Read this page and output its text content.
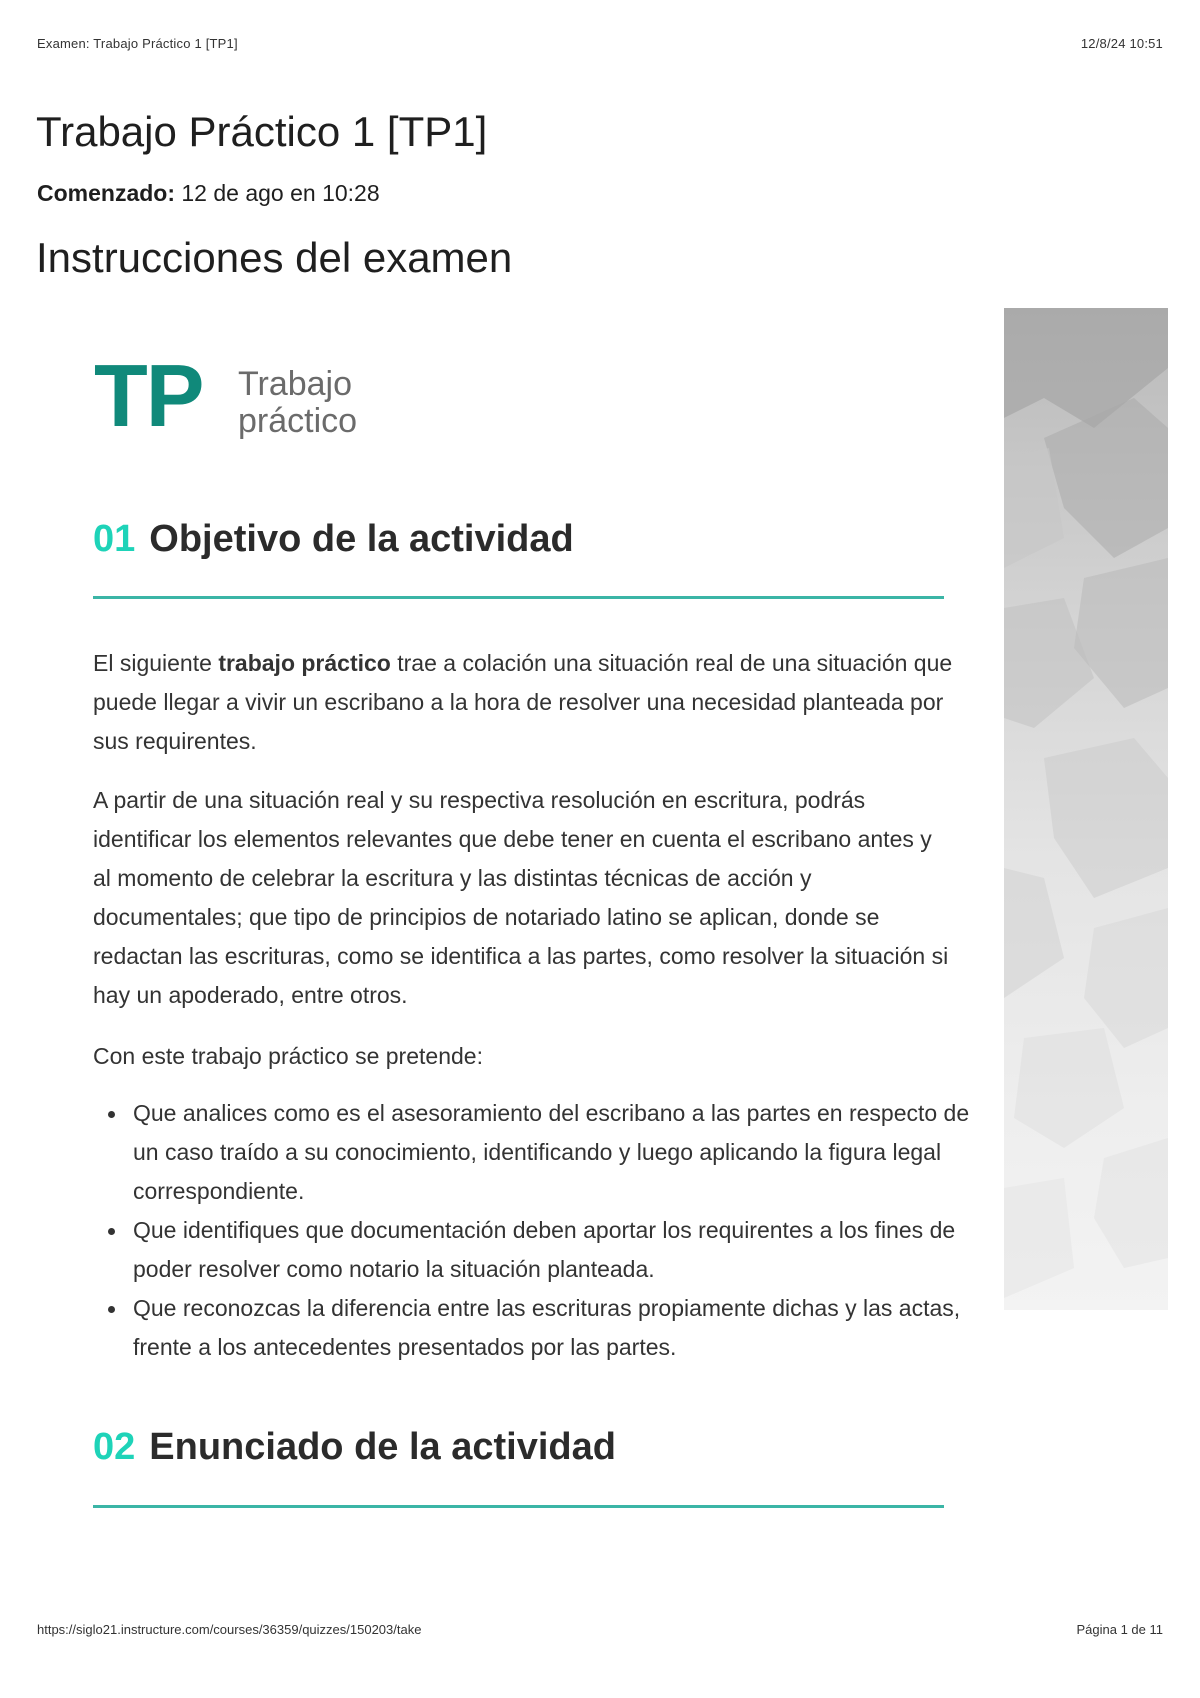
Examen: Trabajo Práctico 1 [TP1]	12/8/24 10:51
Trabajo Práctico 1 [TP1]
Comenzado: 12 de ago en 10:28
Instrucciones del examen
TP Trabajo
práctico
01 Objetivo de la actividad

El siguiente trabajo práctico trae a colación una situación real de una situación que puede llegar a vivir un escribano a la hora de resolver una necesidad planteada por sus requirentes.

A partir de una situación real y su respectiva resolución en escritura, podrás identificar los elementos relevantes que debe tener en cuenta el escribano antes y al momento de celebrar la escritura y las distintas técnicas de acción y documentales; que tipo de principios de notariado latino se aplican, donde se redactan las escrituras, como se identifica a las partes, como resolver la situación si hay un apoderado, entre otros.

Con este trabajo práctico se pretende:

Que analices como es el asesoramiento del escribano a las partes en respecto de un caso traído a su conocimiento, identificando y luego aplicando la figura legal correspondiente.
Que identifiques que documentación deben aportar los requirentes a los fines de poder resolver como notario la situación planteada.
Que reconozcas la diferencia entre las escrituras propiamente dichas y las actas, frente a los antecedentes presentados por las partes.
02 Enunciado de la actividad
https://siglo21.instructure.com/courses/36359/quizzes/150203/take	Página 1 de 11
